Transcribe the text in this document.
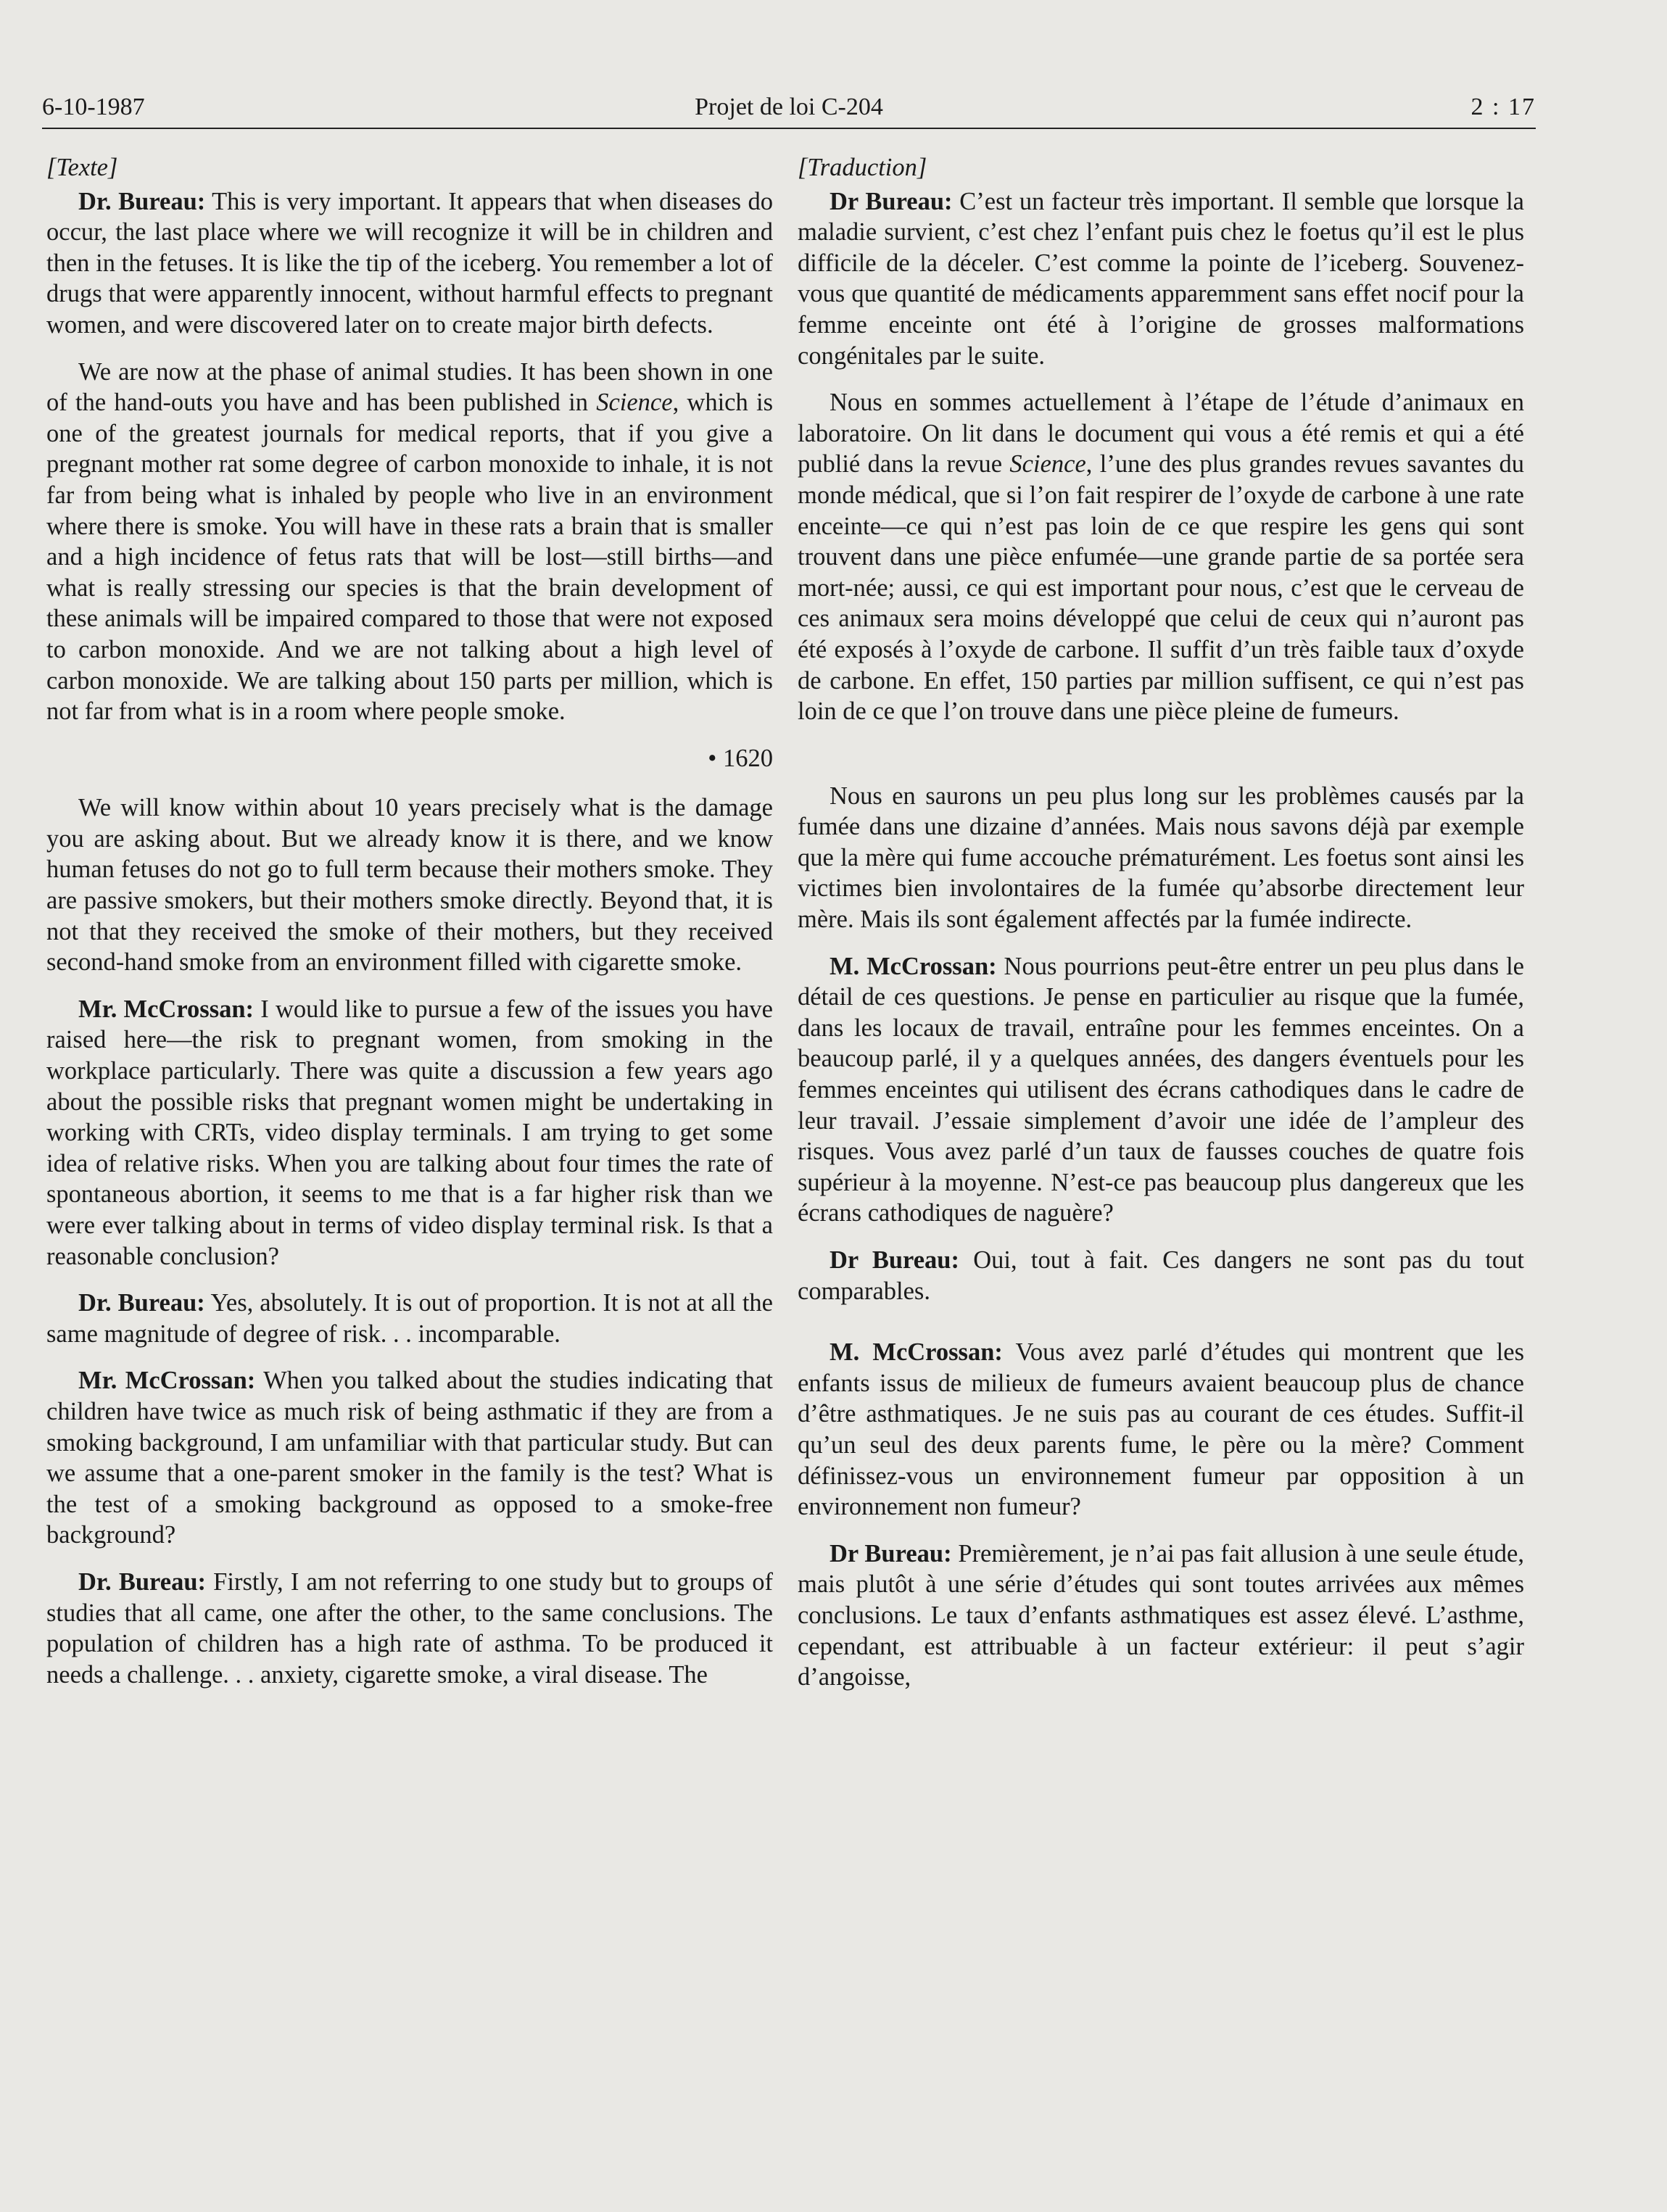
6-10-1987	Projet de loi C-204	2 : 17

[Texte]

Dr. Bureau: This is very important. It appears that when diseases do occur, the last place where we will recognize it will be in children and then in the fetuses. It is like the tip of the iceberg. You remember a lot of drugs that were apparently innocent, without harmful effects to pregnant women, and were discovered later on to create major birth defects.

We are now at the phase of animal studies. It has been shown in one of the hand-outs you have and has been published in Science, which is one of the greatest journals for medical reports, that if you give a pregnant mother rat some degree of carbon monoxide to inhale, it is not far from being what is inhaled by people who live in an environment where there is smoke. You will have in these rats a brain that is smaller and a high incidence of fetus rats that will be lost—still births—and what is really stressing our species is that the brain development of these animals will be impaired compared to those that were not exposed to carbon monoxide. And we are not talking about a high level of carbon monoxide. We are talking about 150 parts per million, which is not far from what is in a room where people smoke.

• 1620

We will know within about 10 years precisely what is the damage you are asking about. But we already know it is there, and we know human fetuses do not go to full term because their mothers smoke. They are passive smokers, but their mothers smoke directly. Beyond that, it is not that they received the smoke of their mothers, but they received second-hand smoke from an environment filled with cigarette smoke.

Mr. McCrossan: I would like to pursue a few of the issues you have raised here—the risk to pregnant women, from smoking in the workplace particularly. There was quite a discussion a few years ago about the possible risks that pregnant women might be undertaking in working with CRTs, video display terminals. I am trying to get some idea of relative risks. When you are talking about four times the rate of spontaneous abortion, it seems to me that is a far higher risk than we were ever talking about in terms of video display terminal risk. Is that a reasonable conclusion?

Dr. Bureau: Yes, absolutely. It is out of proportion. It is not at all the same magnitude of degree of risk. . . incomparable.

Mr. McCrossan: When you talked about the studies indicating that children have twice as much risk of being asthmatic if they are from a smoking background, I am unfamiliar with that particular study. But can we assume that a one-parent smoker in the family is the test? What is the test of a smoking background as opposed to a smoke-free background?

Dr. Bureau: Firstly, I am not referring to one study but to groups of studies that all came, one after the other, to the same conclusions. The population of children has a high rate of asthma. To be produced it needs a challenge. . . anxiety, cigarette smoke, a viral disease. The

[Traduction]

Dr Bureau: C’est un facteur très important. Il semble que lorsque la maladie survient, c’est chez l’enfant puis chez le foetus qu’il est le plus difficile de la déceler. C’est comme la pointe de l’iceberg. Souvenez-vous que quantité de médicaments apparemment sans effet nocif pour la femme enceinte ont été à l’origine de grosses malformations congénitales par le suite.

Nous en sommes actuellement à l’étape de l’étude d’animaux en laboratoire. On lit dans le document qui vous a été remis et qui a été publié dans la revue Science, l’une des plus grandes revues savantes du monde médical, que si l’on fait respirer de l’oxyde de carbone à une rate enceinte—ce qui n’est pas loin de ce que respire les gens qui sont trouvent dans une pièce enfumée—une grande partie de sa portée sera mort-née; aussi, ce qui est important pour nous, c’est que le cerveau de ces animaux sera moins développé que celui de ceux qui n’auront pas été exposés à l’oxyde de carbone. Il suffit d’un très faible taux d’oxyde de carbone. En effet, 150 parties par million suffisent, ce qui n’est pas loin de ce que l’on trouve dans une pièce pleine de fumeurs.

Nous en saurons un peu plus long sur les problèmes causés par la fumée dans une dizaine d’années. Mais nous savons déjà par exemple que la mère qui fume accouche prématurément. Les foetus sont ainsi les victimes bien involontaires de la fumée qu’absorbe directement leur mère. Mais ils sont également affectés par la fumée indirecte.

M. McCrossan: Nous pourrions peut-être entrer un peu plus dans le détail de ces questions. Je pense en particulier au risque que la fumée, dans les locaux de travail, entraîne pour les femmes enceintes. On a beaucoup parlé, il y a quelques années, des dangers éventuels pour les femmes enceintes qui utilisent des écrans cathodiques dans le cadre de leur travail. J’essaie simplement d’avoir une idée de l’ampleur des risques. Vous avez parlé d’un taux de fausses couches de quatre fois supérieur à la moyenne. N’est-ce pas beaucoup plus dangereux que les écrans cathodiques de naguère?

Dr Bureau: Oui, tout à fait. Ces dangers ne sont pas du tout comparables.

M. McCrossan: Vous avez parlé d’études qui montrent que les enfants issus de milieux de fumeurs avaient beaucoup plus de chance d’être asthmatiques. Je ne suis pas au courant de ces études. Suffit-il qu’un seul des deux parents fume, le père ou la mère? Comment définissez-vous un environnement fumeur par opposition à un environnement non fumeur?

Dr Bureau: Premièrement, je n’ai pas fait allusion à une seule étude, mais plutôt à une série d’études qui sont toutes arrivées aux mêmes conclusions. Le taux d’enfants asthmatiques est assez élevé. L’asthme, cependant, est attribuable à un facteur extérieur: il peut s’agir d’angoisse,
